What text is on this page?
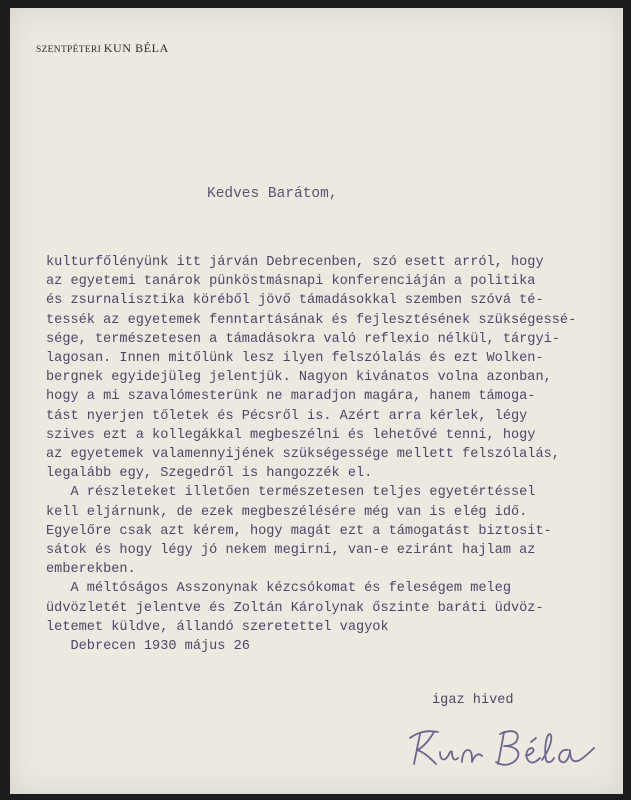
SZENTPÉTERI KUN BÉLA
Kedves Barátom,
kulturfőlényünk itt járván Debrecenben, szó esett arról, hogy
az egyetemi tanárok pünköstmásnapi konferenciáján a politika
és zsurnalisztika köréből jövő támadásokkal szemben szóvá té-
tessék az egyetemek fenntartásának és fejlesztésének szükségessé-
sége, természetesen a támadásokra való reflexio nélkül, tárgyi-
lagosan. Innen mitőlünk lesz ilyen felszólalás és ezt Wolken-
bergnek egyidejüleg jelentjük. Nagyon kivánatos volna azonban,
hogy a mi szavalómesterünk ne maradjon magára, hanem támoga-
tást nyerjen tőletek és Pécsről is. Azért arra kérlek, légy
szives ezt a kollegákkal megbeszélni és lehetővé tenni, hogy
az egyetemek valamennyijének szükségessége mellett felszólalás,
legalább egy, Szegedről is hangozzék el.
A részleteket illetően természetesen teljes egyetértéssel
kell eljárnunk, de ezek megbeszélésére még van is elég idő.
Egyelőre csak azt kérem, hogy magát ezt a támogatást biztosit-
sátok és hogy légy jó nekem megirni, van-e eziránt hajlam az
emberekben.
A méltóságos Asszonynak kézcsókomat és feleségem meleg
üdvözletét jelentve és Zoltán Károlynak őszinte baráti üdvöz-
letemet küldve, állandó szeretettel vagyok
Debrecen 1930 május 26
igaz hived
